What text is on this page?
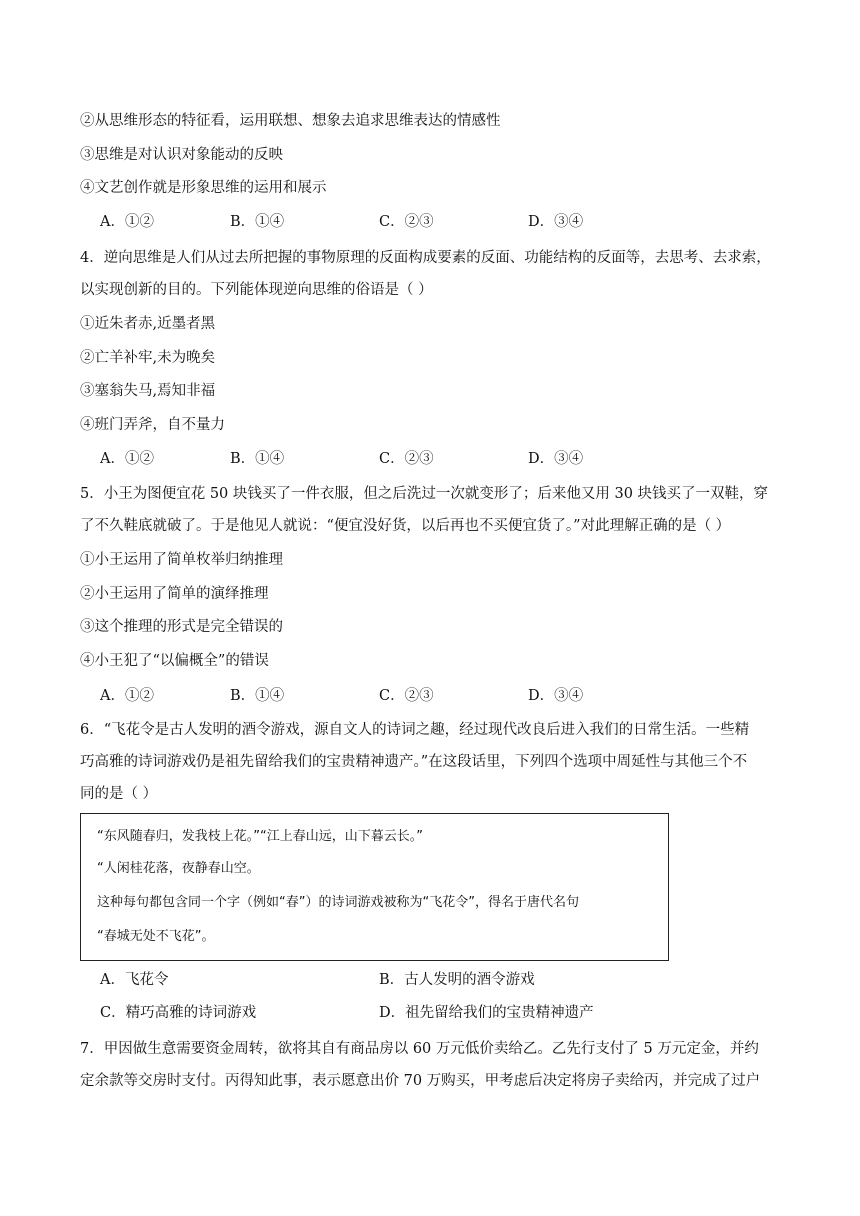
②从思维形态的特征看，运用联想、想象去追求思维表达的情感性
③思维是对认识对象能动的反映
④文艺创作就是形象思维的运用和展示
A．①②	B．①④	C．②③	D．③④
4．逆向思维是人们从过去所把握的事物原理的反面构成要素的反面、功能结构的反面等，去思考、去求索，
以实现创新的目的。下列能体现逆向思维的俗语是（ ）
①近朱者赤,近墨者黑
②亡羊补牢,未为晚矣
③塞翁失马,焉知非福
④班门弄斧，自不量力
A．①②	B．①④	C．②③	D．③④
5．小王为图便宜花 50 块钱买了一件衣服，但之后洗过一次就变形了；后来他又用 30 块钱买了一双鞋，穿
了不久鞋底就破了。于是他见人就说：“便宜没好货，以后再也不买便宜货了。”对此理解正确的是（ ）
①小王运用了简单枚举归纳推理
②小王运用了简单的演绎推理
③这个推理的形式是完全错误的
④小王犯了“以偏概全”的错误
A．①②	B．①④	C．②③	D．③④
6．“飞花令是古人发明的酒令游戏，源自文人的诗词之趣，经过现代改良后进入我们的日常生活。一些精
巧高雅的诗词游戏仍是祖先留给我们的宝贵精神遗产。”在这段话里，下列四个选项中周延性与其他三个不
同的是（ ）
“东风随春归，发我枝上花。”“江上春山远，山下暮云长。”
“人闲桂花落，夜静春山空。
这种每句都包含同一个字（例如“春”）的诗词游戏被称为“飞花令”，得名于唐代名句
“春城无处不飞花”。
A．飞花令	B．古人发明的酒令游戏
C．精巧高雅的诗词游戏	D．祖先留给我们的宝贵精神遗产
7．甲因做生意需要资金周转，欲将其自有商品房以 60 万元低价卖给乙。乙先行支付了 5 万元定金，并约
定余款等交房时支付。丙得知此事，表示愿意出价 70 万购买，甲考虑后决定将房子卖给丙，并完成了过户
